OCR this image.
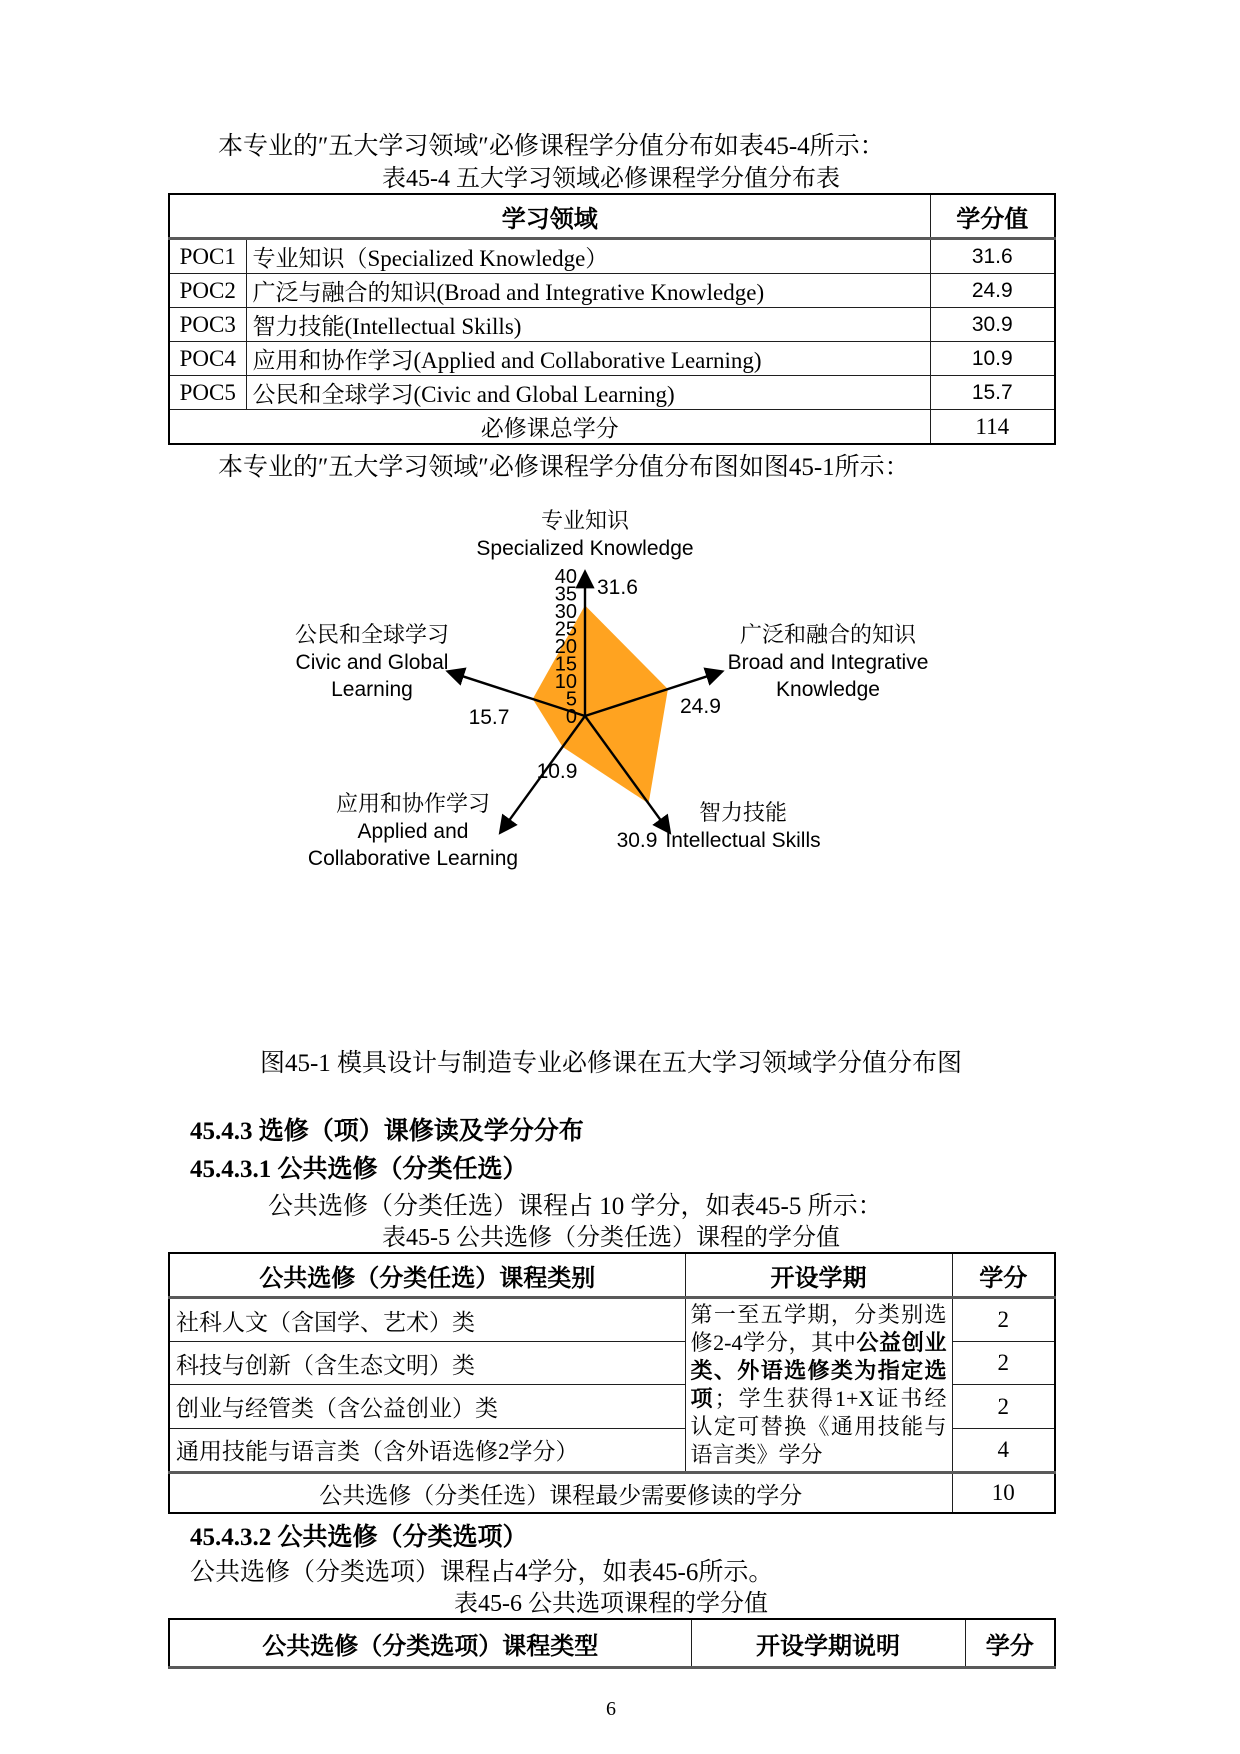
本专业的″五大学习领域″必修课程学分值分布如表45-4所示：

表45-4 五大学习领域必修课程学分值分布表

学习领域		学分值
POC1	专业知识（Specialized Knowledge）	31.6
POC2	广泛与融合的知识(Broad and Integrative Knowledge)	24.9
POC3	智力技能(Intellectual Skills)	30.9
POC4	应用和协作学习(Applied and Collaborative Learning)	10.9
POC5	公民和全球学习(Civic and Global Learning)	15.7
必修课总学分		114

本专业的″五大学习领域″必修课程学分值分布图如图45-1所示：

0
5
10
15
20
25
30
35
40 31.6
24.9
30.9
10.9
15.7
专业知识
Specialized Knowledge
广泛和融合的知识
Broad and Integrative
Knowledge
智力技能
Intellectual Skills
应用和协作学习
Applied and
Collaborative Learning
公民和全球学习
Civic and Global
Learning

图45-1 模具设计与制造专业必修课在五大学习领域学分值分布图

45.4.3 选修（项）课修读及学分分布

45.4.3.1 公共选修（分类任选）

公共选修（分类任选）课程占 10 学分，如表45-5 所示：

表45-5 公共选修（分类任选）课程的学分值

公共选修（分类任选）课程类别	开设学期	学分
社科人文（含国学、艺术）类	第一至五学期，分类别选修2-4学分，其中公益创业类、外语选修类为指定选项；学生获得1+X证书经认定可替换《通用技能与语言类》学分	2
科技与创新（含生态文明）类		2
创业与经管类（含公益创业）类		2
通用技能与语言类（含外语选修2学分）		4
公共选修（分类任选）课程最少需要修读的学分		10

45.4.3.2 公共选修（分类选项）

公共选修（分类选项）课程占4学分，如表45-6所示。

表45-6 公共选项课程的学分值

公共选修（分类选项）课程类型	开设学期说明	学分

6
